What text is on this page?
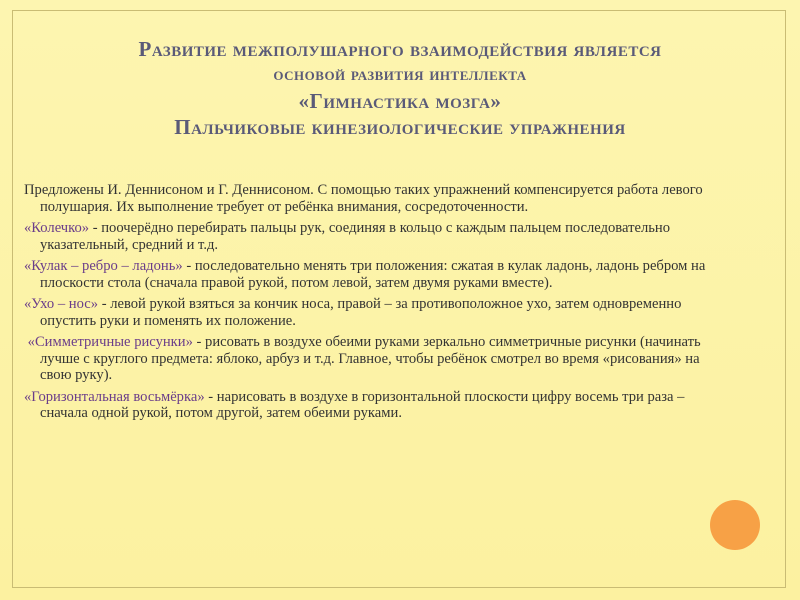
Развитие межполушарного взаимодействия является
основой развития интеллекта
«Гимнастика мозга»
Пальчиковые кинезиологические упражнения

Предложены И. Деннисоном и Г. Деннисоном. С помощью таких упражнений компенсируется работа левого полушария. Их выполнение требует от ребёнка внимания, сосредоточенности.

«Колечко» - поочерёдно перебирать пальцы рук, соединяя в кольцо с каждым пальцем последовательно указательный, средний и т.д.

«Кулак – ребро – ладонь» - последовательно менять три положения: сжатая в кулак ладонь, ладонь ребром на плоскости стола (сначала правой рукой, потом левой, затем двумя руками вместе).

«Ухо – нос» - левой рукой взяться за кончик носа, правой – за противоположное ухо, затем одновременно опустить руки и поменять их положение.

«Симметричные рисунки» - рисовать в воздухе обеими руками зеркально симметричные рисунки (начинать лучше с круглого предмета: яблоко, арбуз и т.д. Главное, чтобы ребёнок смотрел во время «рисования» на свою руку).

«Горизонтальная восьмёрка» - нарисовать в воздухе в горизонтальной плоскости цифру восемь три раза – сначала одной рукой, потом другой, затем обеими руками.
